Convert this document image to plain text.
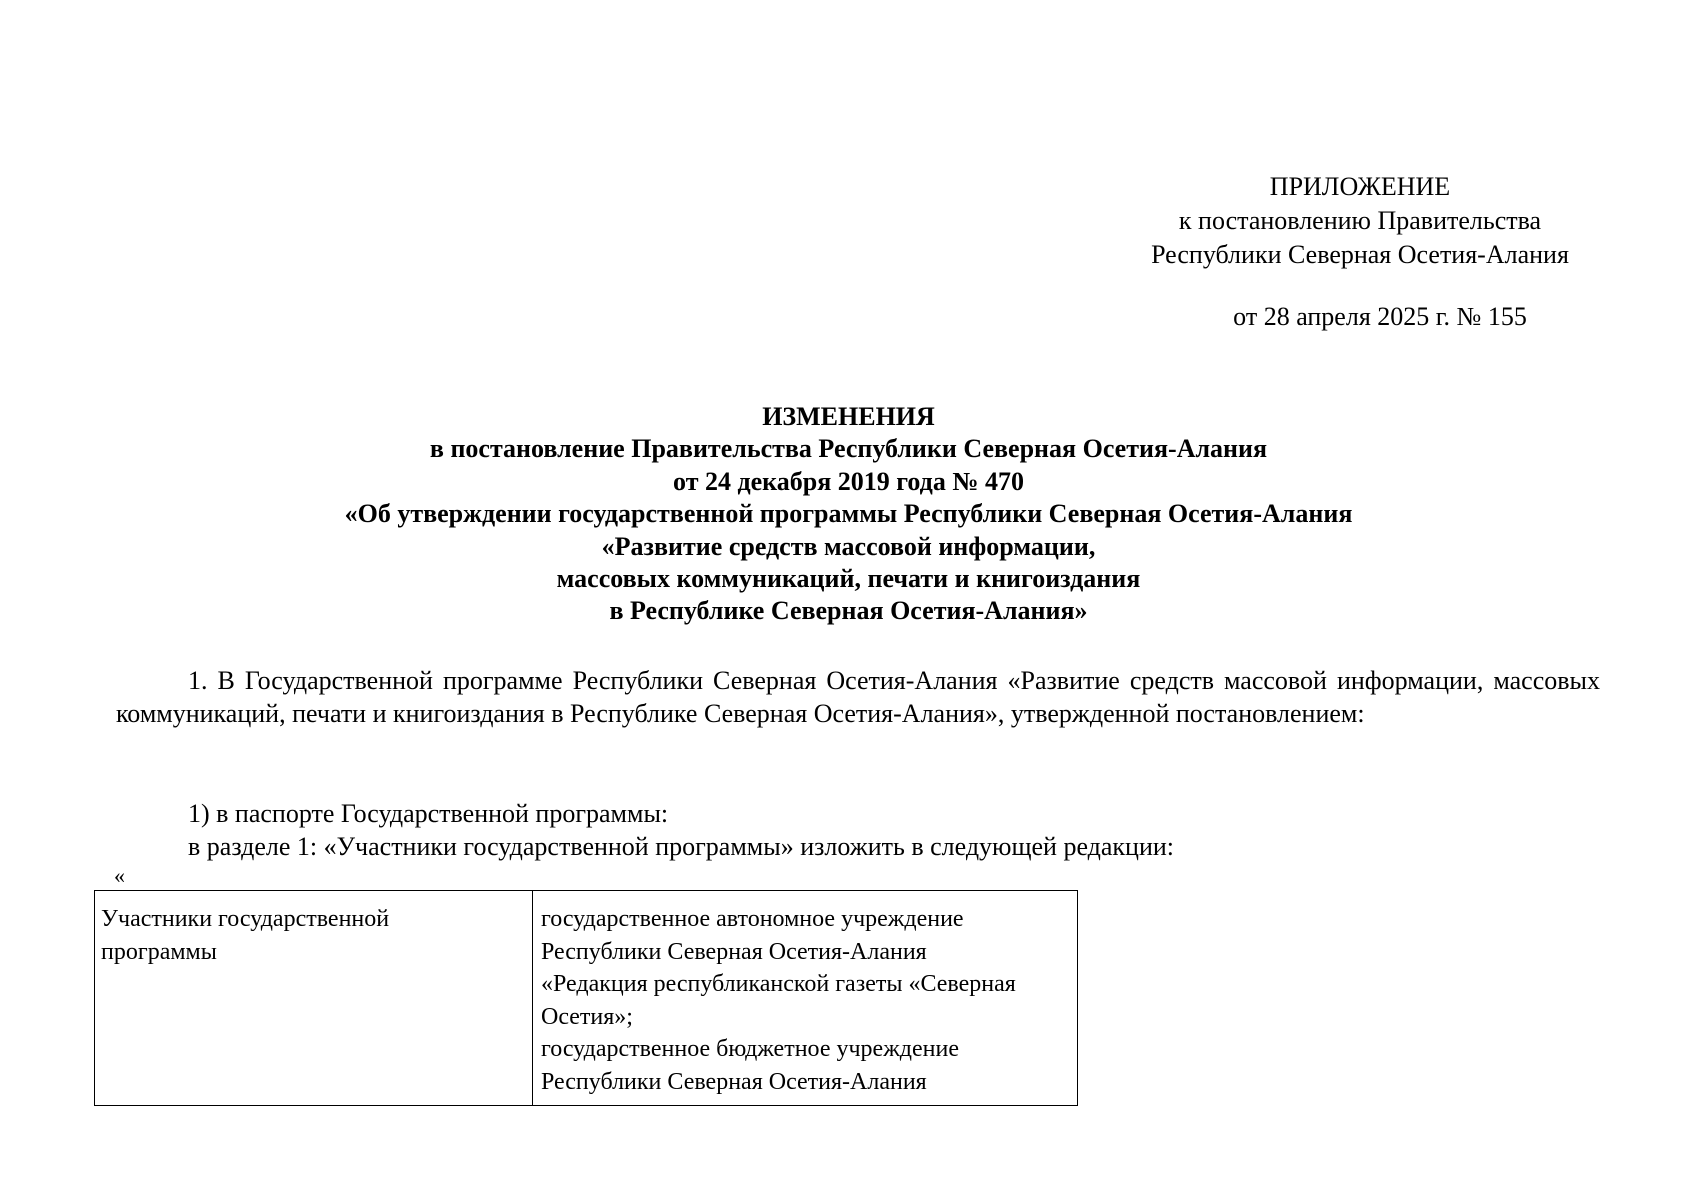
ПРИЛОЖЕНИЕ
к постановлению Правительства
Республики Северная Осетия-Алания
от 28 апреля 2025 г. № 155
ИЗМЕНЕНИЯ
в постановление Правительства Республики Северная Осетия-Алания
от 24 декабря 2019 года № 470
«Об утверждении государственной программы Республики Северная Осетия-Алания
«Развитие средств массовой информации,
массовых коммуникаций, печати и книгоиздания
в Республике Северная Осетия-Алания»
1. В Государственной программе Республики Северная Осетия-Алания «Развитие средств массовой информации, массовых коммуникаций, печати и книгоиздания в Республике Северная Осетия-Алания», утвержденной постановлением:
1) в паспорте Государственной программы:
в разделе 1: «Участники государственной программы» изложить в следующей редакции:
«
Участники государственной
программы
государственное автономное учреждение
Республики Северная Осетия-Алания
«Редакция республиканской газеты «Северная
Осетия»;
государственное бюджетное учреждение
Республики Северная Осетия-Алания
